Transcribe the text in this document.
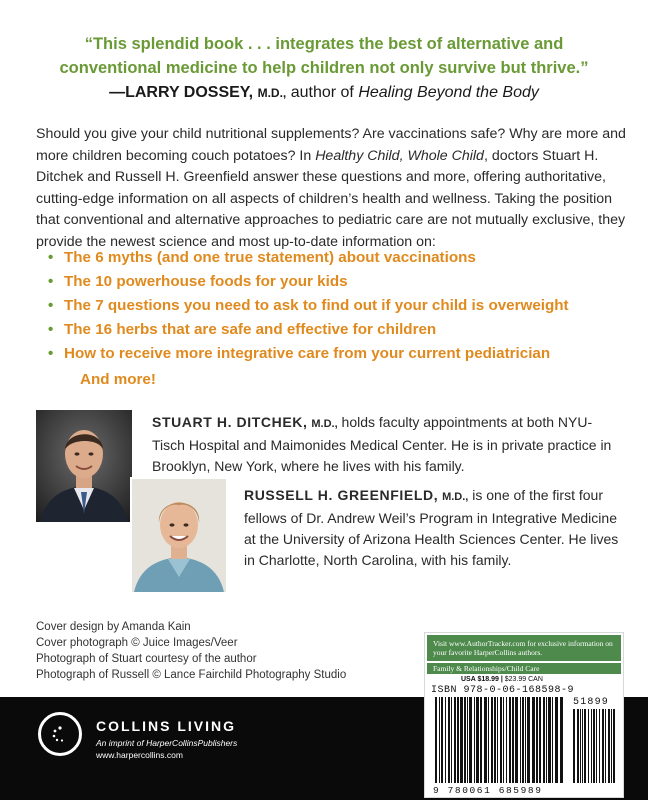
“This splendid book . . . integrates the best of alternative and
conventional medicine to help children not only survive but thrive.”
—LARRY DOSSEY, M.D., author of Healing Beyond the Body
Should you give your child nutritional supplements? Are vaccinations safe? Why are more and more children becoming couch potatoes? In Healthy Child, Whole Child, doctors Stuart H. Ditchek and Russell H. Greenfield answer these questions and more, offering authoritative, cutting-edge information on all aspects of children’s health and wellness. Taking the position that conventional and alternative approaches to pediatric care are not mutually exclusive, they provide the newest science and most up-to-date information on:
• The 6 myths (and one true statement) about vaccinations
• The 10 powerhouse foods for your kids
• The 7 questions you need to ask to find out if your child is overweight
• The 16 herbs that are safe and effective for children
• How to receive more integrative care from your current pediatrician
And more!
STUART H. DITCHEK, M.D., holds faculty appointments at both NYU-Tisch Hospital and Maimonides Medical Center. He is in private practice in Brooklyn, New York, where he lives with his family.
RUSSELL H. GREENFIELD, M.D., is one of the first four fellows of Dr. Andrew Weil’s Program in Integrative Medicine at the University of Arizona Health Sciences Center. He lives in Charlotte, North Carolina, with his family.
Cover design by Amanda Kain
Cover photograph © Juice Images/Veer
Photograph of Stuart courtesy of the author
Photograph of Russell © Lance Fairchild Photography Studio
COLLINS LIVING
An imprint of HarperCollinsPublishers
www.harpercollins.com
Visit www.AuthorTracker.com for exclusive information on your favorite HarperCollins authors.
Family & Relationships/Child Care
USA $18.99 | $23.99 CAN
ISBN 978-0-06-168598-9
51899
9 780061 685989
